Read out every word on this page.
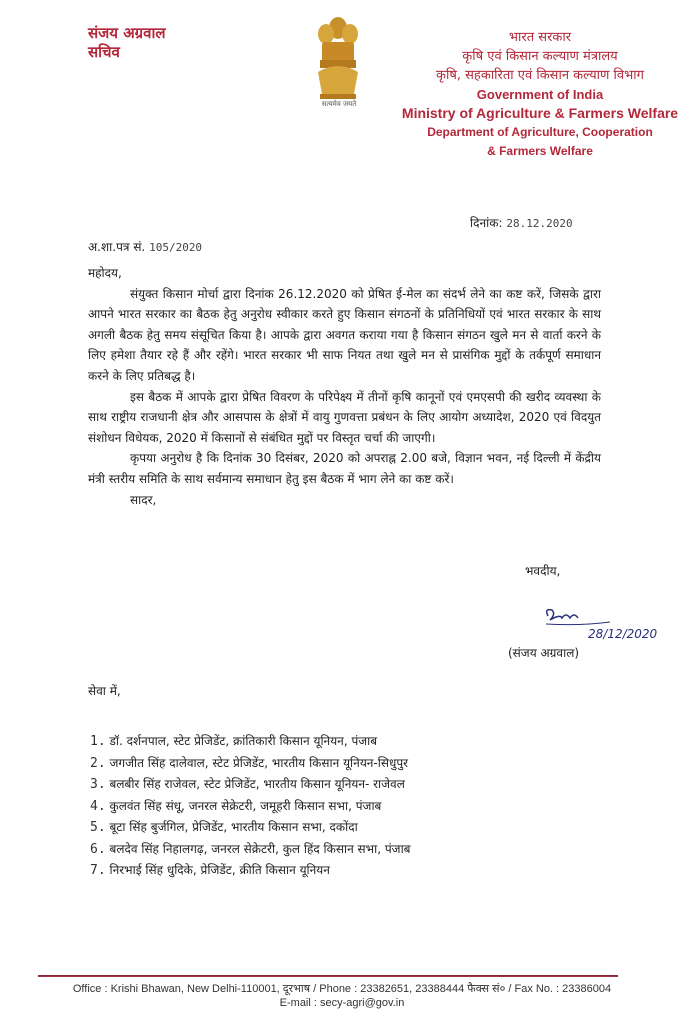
संजय अग्रवाल
सचिव
सत्यमेव जयते
भारत सरकार
कृषि एवं किसान कल्याण मंत्रालय
कृषि, सहकारिता एवं किसान कल्याण विभाग
Government of India
Ministry of Agriculture & Farmers Welfare
Department of Agriculture, Cooperation
& Farmers Welfare
दिनांक: 28.12.2020
अ.शा.पत्र सं. 105/2020

महोदय,

संयुक्त किसान मोर्चा द्वारा दिनांक 26.12.2020 को प्रेषित ई-मेल का संदर्भ लेने का कष्ट करें, जिसके द्वारा आपने भारत सरकार का बैठक हेतु अनुरोध स्वीकार करते हुए किसान संगठनों के प्रतिनिधियों एवं भारत सरकार के साथ अगली बैठक हेतु समय संसूचित किया है। आपके द्वारा अवगत कराया गया है किसान संगठन खुले मन से वार्ता करने के लिए हमेशा तैयार रहे हैं और रहेंगे। भारत सरकार भी साफ नियत तथा खुले मन से प्रासंगिक मुद्दों के तर्कपूर्ण समाधान करने के लिए प्रतिबद्ध है।

इस बैठक में आपके द्वारा प्रेषित विवरण के परिपेक्ष्य में तीनों कृषि कानूनों एवं एमएसपी की खरीद व्यवस्था के साथ राष्ट्रीय राजधानी क्षेत्र और आसपास के क्षेत्रों में वायु गुणवत्ता प्रबंधन के लिए आयोग अध्यादेश, 2020 एवं विदयुत संशोधन विधेयक, 2020 में किसानों से संबंधित मुद्दों पर विस्तृत चर्चा की जाएगी।

कृपया अनुरोध है कि दिनांक 30 दिसंबर, 2020 को अपराह्न 2.00 बजे, विज्ञान भवन, नई दिल्ली में केंद्रीय मंत्री स्तरीय समिति के साथ सर्वमान्य समाधान हेतु इस बैठक में भाग लेने का कष्ट करें।

सादर,

भवदीय,
28/12/2020
(संजय अग्रवाल)
सेवा में,
1. डॉ. दर्शनपाल, स्टेट प्रेजिडेंट, क्रांतिकारी किसान यूनियन, पंजाब
2. जगजीत सिंह दालेवाल, स्टेट प्रेजिडेंट, भारतीय किसान यूनियन-सिधुपुर
3. बलबीर सिंह राजेवल, स्टेट प्रेजिडेंट, भारतीय किसान यूनियन- राजेवल
4. कुलवंत सिंह संधू, जनरल सेक्रेटरी, जमूहरी किसान सभा, पंजाब
5. बूटा सिंह बुर्जगिल, प्रेजिडेंट, भारतीय किसान सभा, दकोंदा
6. बलदेव सिंह निहालगढ़, जनरल सेक्रेटरी, कुल हिंद किसान सभा, पंजाब
7. निरभाई सिंह धुदिके, प्रेजिडेंट, क्रीति किसान यूनियन
Office : Krishi Bhawan, New Delhi-110001, दूरभाष / Phone : 23382651, 23388444 फैक्स सं० / Fax No. : 23386004
E-mail : secy-agri@gov.in
